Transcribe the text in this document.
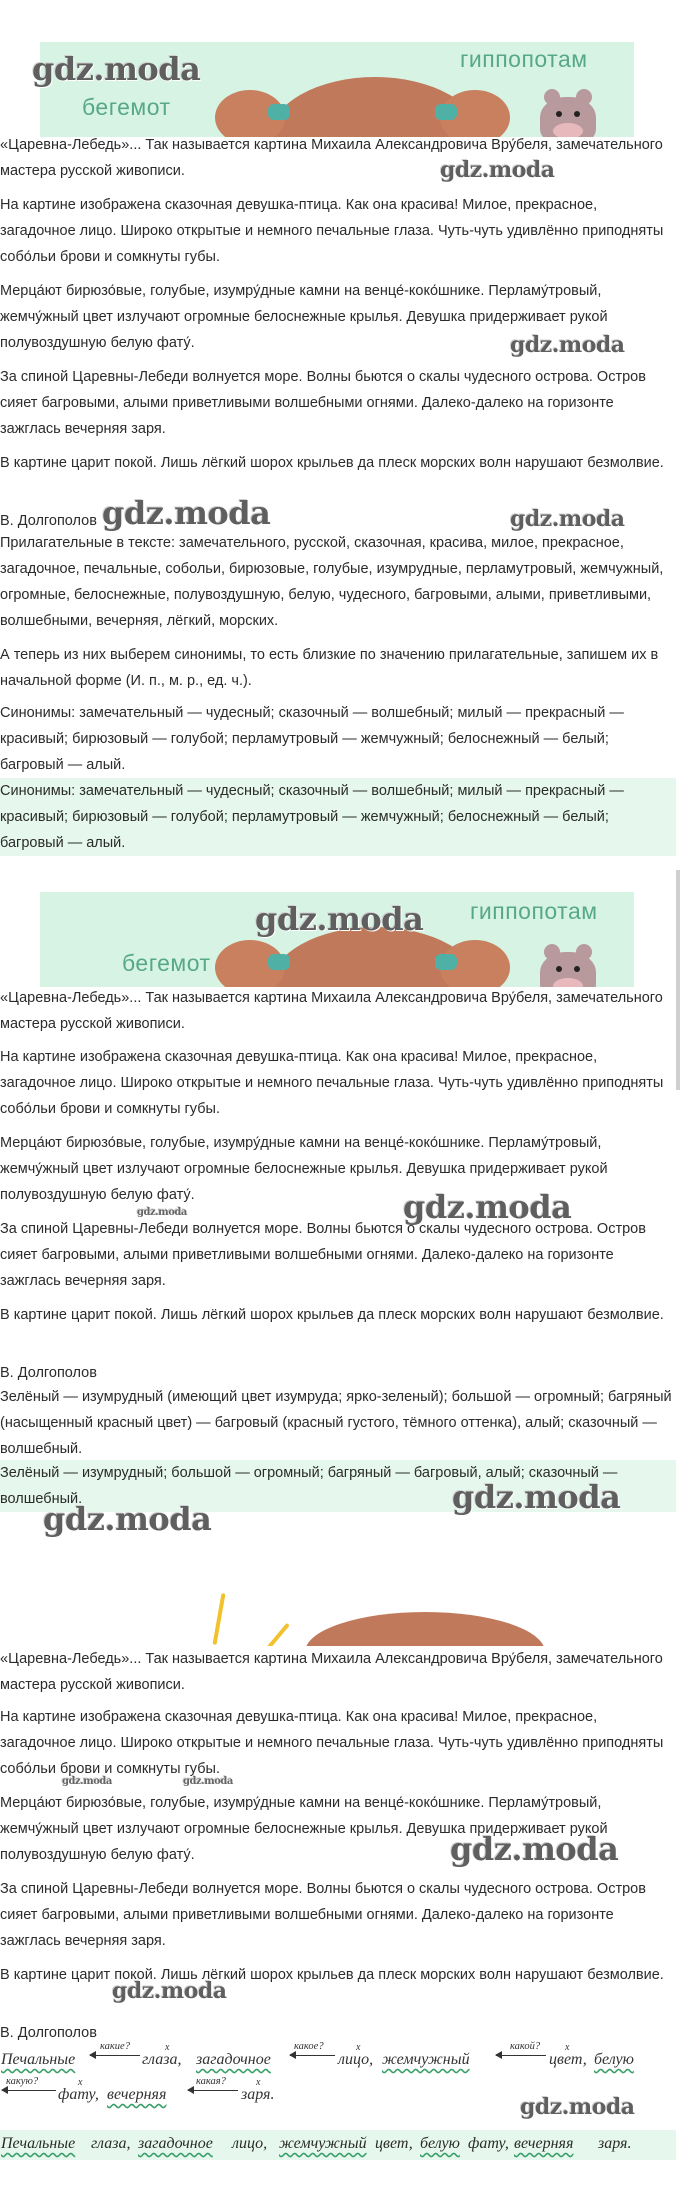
гиппопотам
бегемот
gdz.moda
«Царевна-Лебедь»... Так называется картина Михаила Александровича Вру́беля, замечательного мастера русской живописи.	gdz.moda
На картине изображена сказочная девушка-птица. Как она красива! Милое, прекрасное, загадочное лицо. Широко открытые и немного печальные глаза. Чуть-чуть удивлённо приподняты собо́льи брови и сомкнуты губы.
Мерца́ют бирюзо́вые, голубые, изумру́дные камни на венце́-коко́шнике. Перламу́тровый, жемчу́жный цвет излучают огромные белоснежные крылья. Девушка придерживает рукой полувоздушную белую фату́.	gdz.moda
За спиной Царевны-Лебеди волнуется море. Волны бьются о скалы чудесного острова. Остров сияет багровыми, алыми приветливыми волшебными огнями. Далеко-далеко на горизонте зажглась вечерняя заря.
В картине царит покой. Лишь лёгкий шорох крыльев да плеск морских волн нарушают безмолвие.
В. Долгополов gdz.moda	gdz.moda
Прилагательные в тексте: замечательного, русской, сказочная, красива, милое, прекрасное, загадочное, печальные, собольи, бирюзовые, голубые, изумрудные, перламутровый, жемчужный, огромные, белоснежные, полувоздушную, белую, чудесного, багровыми, алыми, приветливыми, волшебными, вечерняя, лёгкий, морских.
А теперь из них выберем синонимы, то есть близкие по значению прилагательные, запишем их в начальной форме (И. п., м. р., ед. ч.).
Синонимы: замечательный — чудесный; сказочный — волшебный; милый — прекрасный — красивый; бирюзовый — голубой; перламутровый — жемчужный; белоснежный — белый; багровый — алый.
Синонимы: замечательный — чудесный; сказочный — волшебный; милый — прекрасный — красивый; бирюзовый — голубой; перламутровый — жемчужный; белоснежный — белый; багровый — алый.
гиппопотам
бегемот
gdz.moda
«Царевна-Лебедь»... Так называется картина Михаила Александровича Вру́беля, замечательного мастера русской живописи.
На картине изображена сказочная девушка-птица. Как она красива! Милое, прекрасное, загадочное лицо. Широко открытые и немного печальные глаза. Чуть-чуть удивлённо приподняты собо́льи брови и сомкнуты губы.
Мерца́ют бирюзо́вые, голубые, изумру́дные камни на венце́-коко́шнике. Перламу́тровый, жемчу́жный цвет излучают огромные белоснежные крылья. Девушка придерживает рукой полувоздушную белую фату́.	gdz.moda
gdz.moda
За спиной Царевны-Лебеди волнуется море. Волны бьются о скалы чудесного острова. Остров сияет багровыми, алыми приветливыми волшебными огнями. Далеко-далеко на горизонте зажглась вечерняя заря.
В картине царит покой. Лишь лёгкий шорох крыльев да плеск морских волн нарушают безмолвие.
В. Долгополов
Зелёный — изумрудный (имеющий цвет изумруда; ярко-зеленый); большой — огромный; багряный (насыщенный красный цвет) — багровый (красный густого, тёмного оттенка), алый; сказочный — волшебный.
Зелёный — изумрудный; большой — огромный; багряный — багровый, алый; сказочный — волшебный.	gdz.moda
gdz.moda
«Царевна-Лебедь»... Так называется картина Михаила Александровича Вру́беля, замечательного мастера русской живописи.
На картине изображена сказочная девушка-птица. Как она красива! Милое, прекрасное, загадочное лицо. Широко открытые и немного печальные глаза. Чуть-чуть удивлённо приподняты собо́льи брови и сомкнуты губы.
gdz.moda	gdz.moda
Мерца́ют бирюзо́вые, голубые, изумру́дные камни на венце́-коко́шнике. Перламу́тровый, жемчу́жный цвет излучают огромные белоснежные крылья. Девушка придерживает рукой полувоздушную белую фату́.	gdz.moda
За спиной Царевны-Лебеди волнуется море. Волны бьются о скалы чудесного острова. Остров сияет багровыми, алыми приветливыми волшебными огнями. Далеко-далеко на горизонте зажглась вечерняя заря.
В картине царит покой. Лишь лёгкий шорох крыльев да плеск морских волн нарушают безмолвие.
gdz.moda
В. Долгополов
Печальные
какие?	x
глаза, загадочное
какое?	x
лицо, жемчужный
какой? x
цвет, белую
какую?	x
фату, вечерняя
какая?	x
заря.	gdz.moda
Печальные глаза, загадочное лицо, жемчужный цвет, белую фату, вечерняя заря.
